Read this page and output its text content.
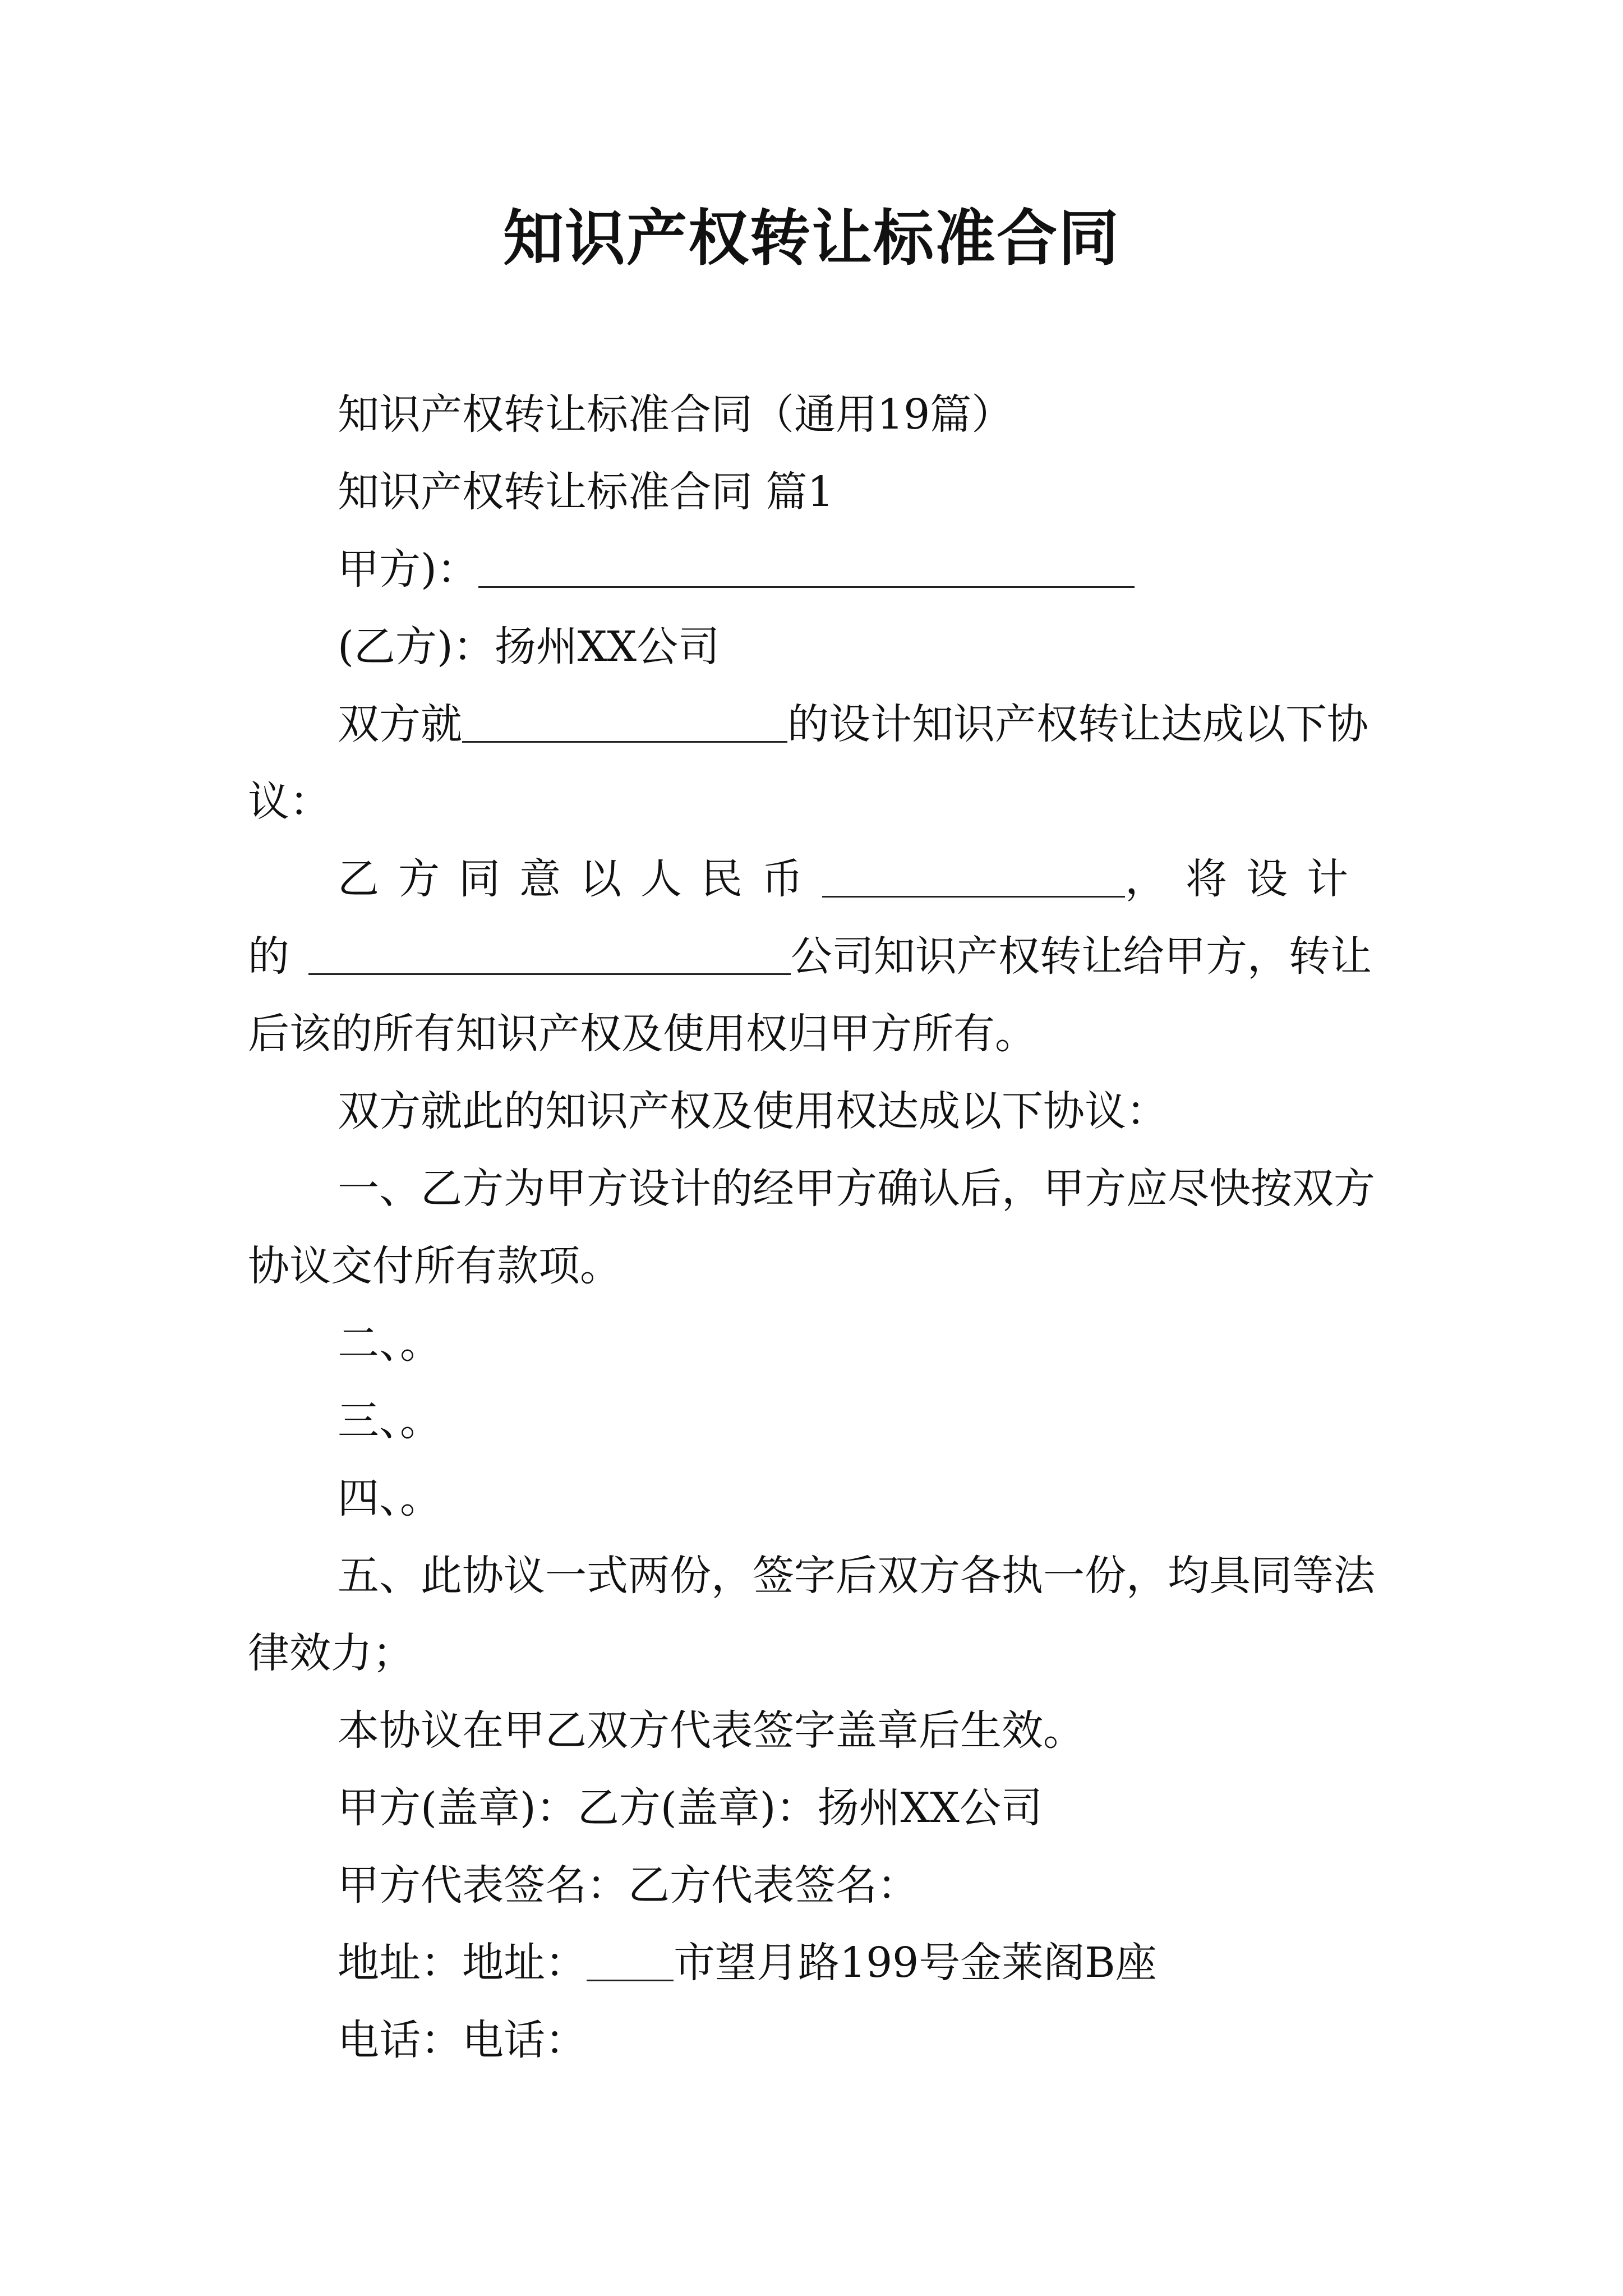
知识产权转让标准合同
知识产权转让标准合同（通用19篇）
知识产权转让标准合同 篇1
甲方)：
(乙方)：扬州XX公司
双方就	的设计知识产权转让达成以下协议：
乙方同意以人民币	，将设计的	公司知识产权转让给甲方，转让后该的所有知识产权及使用权归甲方所有。
双方就此的知识产权及使用权达成以下协议：
一、乙方为甲方设计的经甲方确认后，甲方应尽快按双方协议交付所有款项。
二、。
三、。
四、。
五、此协议一式两份，签字后双方各执一份，均具同等法律效力；
本协议在甲乙双方代表签字盖章后生效。
甲方(盖章)：乙方(盖章)：扬州XX公司
甲方代表签名：乙方代表签名：
地址：地址： 市望月路199号金莱阁B座
电话：电话：
